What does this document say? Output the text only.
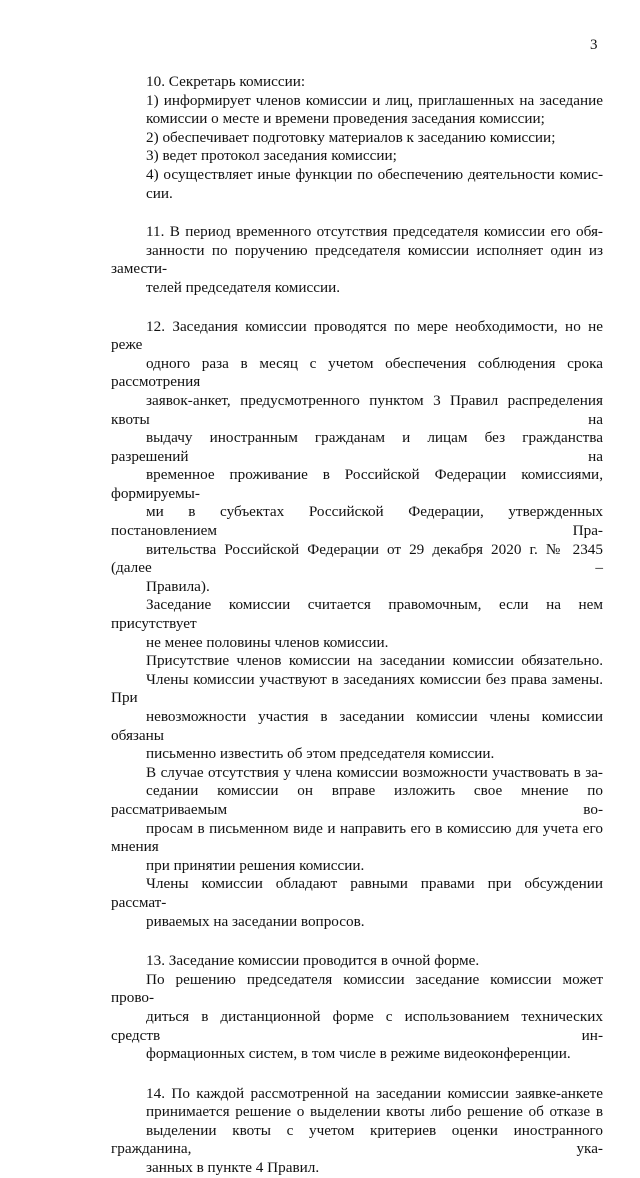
3

10. Секретарь комиссии:

1) информирует членов комиссии и лиц, приглашенных на заседание
комиссии о месте и времени проведения заседания комиссии;

2) обеспечивает подготовку материалов к заседанию комиссии;

3) ведет протокол заседания комиссии;

4) осуществляет иные функции по обеспечению деятельности комис-
сии.

11. В период временного отсутствия председателя комиссии его обя-
занности по поручению председателя комиссии исполняет один из замести-
телей председателя комиссии.

12. Заседания комиссии проводятся по мере необходимости, но не реже
одного раза в месяц с учетом обеспечения соблюдения срока рассмотрения
заявок-анкет, предусмотренного пунктом 3 Правил распределения квоты на
выдачу иностранным гражданам и лицам без гражданства разрешений на
временное проживание в Российской Федерации комиссиями, формируемы-
ми в субъектах Российской Федерации, утвержденных постановлением Пра-
вительства Российской Федерации от 29 декабря 2020 г. № 2345 (далее –
Правила).

Заседание комиссии считается правомочным, если на нем присутствует
не менее половины членов комиссии.

Присутствие членов комиссии на заседании комиссии обязательно.
Члены комиссии участвуют в заседаниях комиссии без права замены. При
невозможности участия в заседании комиссии члены комиссии обязаны
письменно известить об этом председателя комиссии.

В случае отсутствия у члена комиссии возможности участвовать в за-
седании комиссии он вправе изложить свое мнение по рассматриваемым во-
просам в письменном виде и направить его в комиссию для учета его мнения
при принятии решения комиссии.

Члены комиссии обладают равными правами при обсуждении рассмат-
риваемых на заседании вопросов.

13. Заседание комиссии проводится в очной форме.

По решению председателя комиссии заседание комиссии может прово-
диться в дистанционной форме с использованием технических средств ин-
формационных систем, в том числе в режиме видеоконференции.

14. По каждой рассмотренной на заседании комиссии заявке-анкете
принимается решение о выделении квоты либо решение об отказе в
выделении квоты с учетом критериев оценки иностранного гражданина, ука-
занных в пункте 4 Правил.
